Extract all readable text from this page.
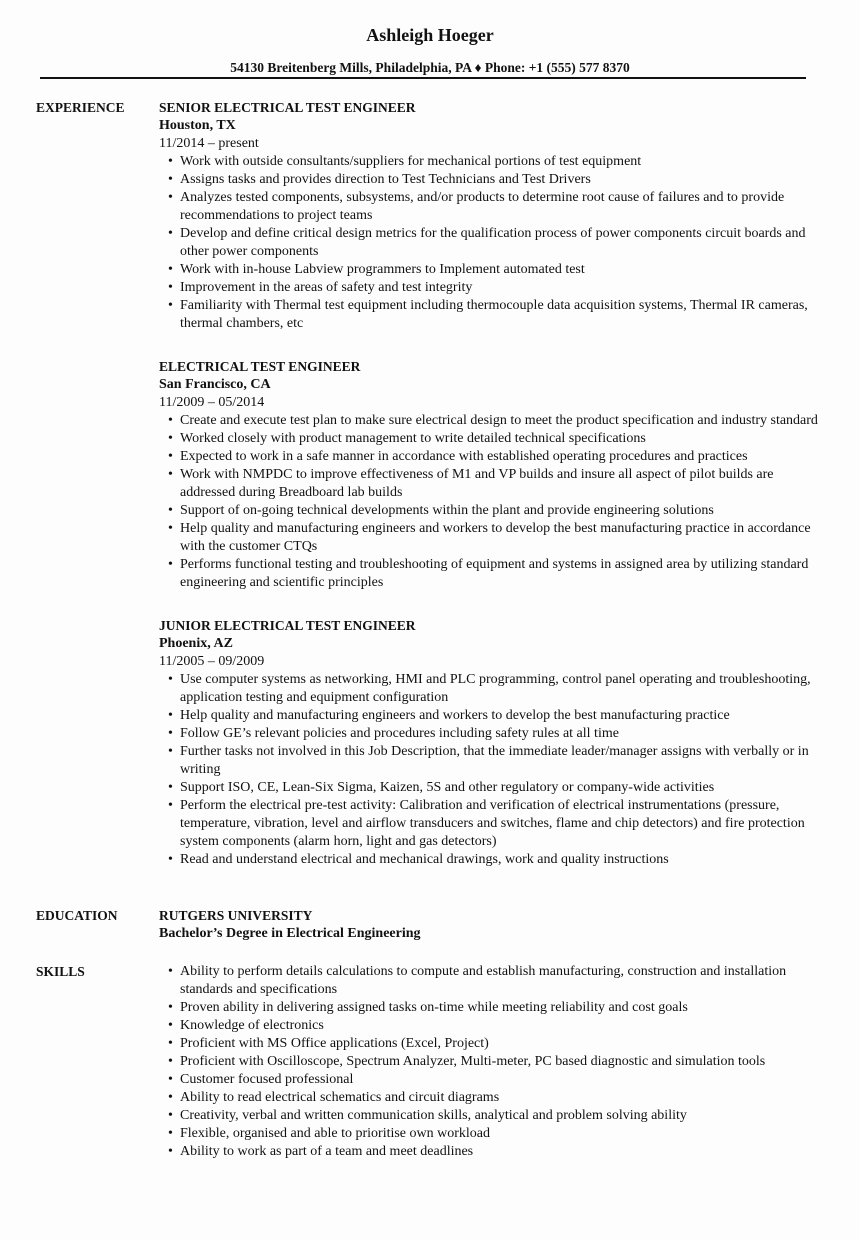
Ashleigh Hoeger
54130 Breitenberg Mills, Philadelphia, PA ♦ Phone: +1 (555) 577 8370
EXPERIENCE	SENIOR ELECTRICAL TEST ENGINEER
Houston, TX
11/2014 – present
• Work with outside consultants/suppliers for mechanical portions of test equipment
• Assigns tasks and provides direction to Test Technicians and Test Drivers
• Analyzes tested components, subsystems, and/or products to determine root cause of failures and to provide recommendations to project teams
• Develop and define critical design metrics for the qualification process of power components circuit boards and other power components
• Work with in-house Labview programmers to Implement automated test
• Improvement in the areas of safety and test integrity
• Familiarity with Thermal test equipment including thermocouple data acquisition systems, Thermal IR cameras, thermal chambers, etc
ELECTRICAL TEST ENGINEER
San Francisco, CA
11/2009 – 05/2014
• Create and execute test plan to make sure electrical design to meet the product specification and industry standard
• Worked closely with product management to write detailed technical specifications
• Expected to work in a safe manner in accordance with established operating procedures and practices
• Work with NMPDC to improve effectiveness of M1 and VP builds and insure all aspect of pilot builds are addressed during Breadboard lab builds
• Support of on-going technical developments within the plant and provide engineering solutions
• Help quality and manufacturing engineers and workers to develop the best manufacturing practice in accordance with the customer CTQs
• Performs functional testing and troubleshooting of equipment and systems in assigned area by utilizing standard engineering and scientific principles
JUNIOR ELECTRICAL TEST ENGINEER
Phoenix, AZ
11/2005 – 09/2009
• Use computer systems as networking, HMI and PLC programming, control panel operating and troubleshooting, application testing and equipment configuration
• Help quality and manufacturing engineers and workers to develop the best manufacturing practice
• Follow GE’s relevant policies and procedures including safety rules at all time
• Further tasks not involved in this Job Description, that the immediate leader/manager assigns with verbally or in writing
• Support ISO, CE, Lean-Six Sigma, Kaizen, 5S and other regulatory or company-wide activities
• Perform the electrical pre-test activity: Calibration and verification of electrical instrumentations (pressure, temperature, vibration, level and airflow transducers and switches, flame and chip detectors) and fire protection system components (alarm horn, light and gas detectors)
• Read and understand electrical and mechanical drawings, work and quality instructions
EDUCATION	RUTGERS UNIVERSITY
Bachelor’s Degree in Electrical Engineering
SKILLS	• Ability to perform details calculations to compute and establish manufacturing, construction and installation standards and specifications
• Proven ability in delivering assigned tasks on-time while meeting reliability and cost goals
• Knowledge of electronics
• Proficient with MS Office applications (Excel, Project)
• Proficient with Oscilloscope, Spectrum Analyzer, Multi-meter, PC based diagnostic and simulation tools
• Customer focused professional
• Ability to read electrical schematics and circuit diagrams
• Creativity, verbal and written communication skills, analytical and problem solving ability
• Flexible, organised and able to prioritise own workload
• Ability to work as part of a team and meet deadlines
